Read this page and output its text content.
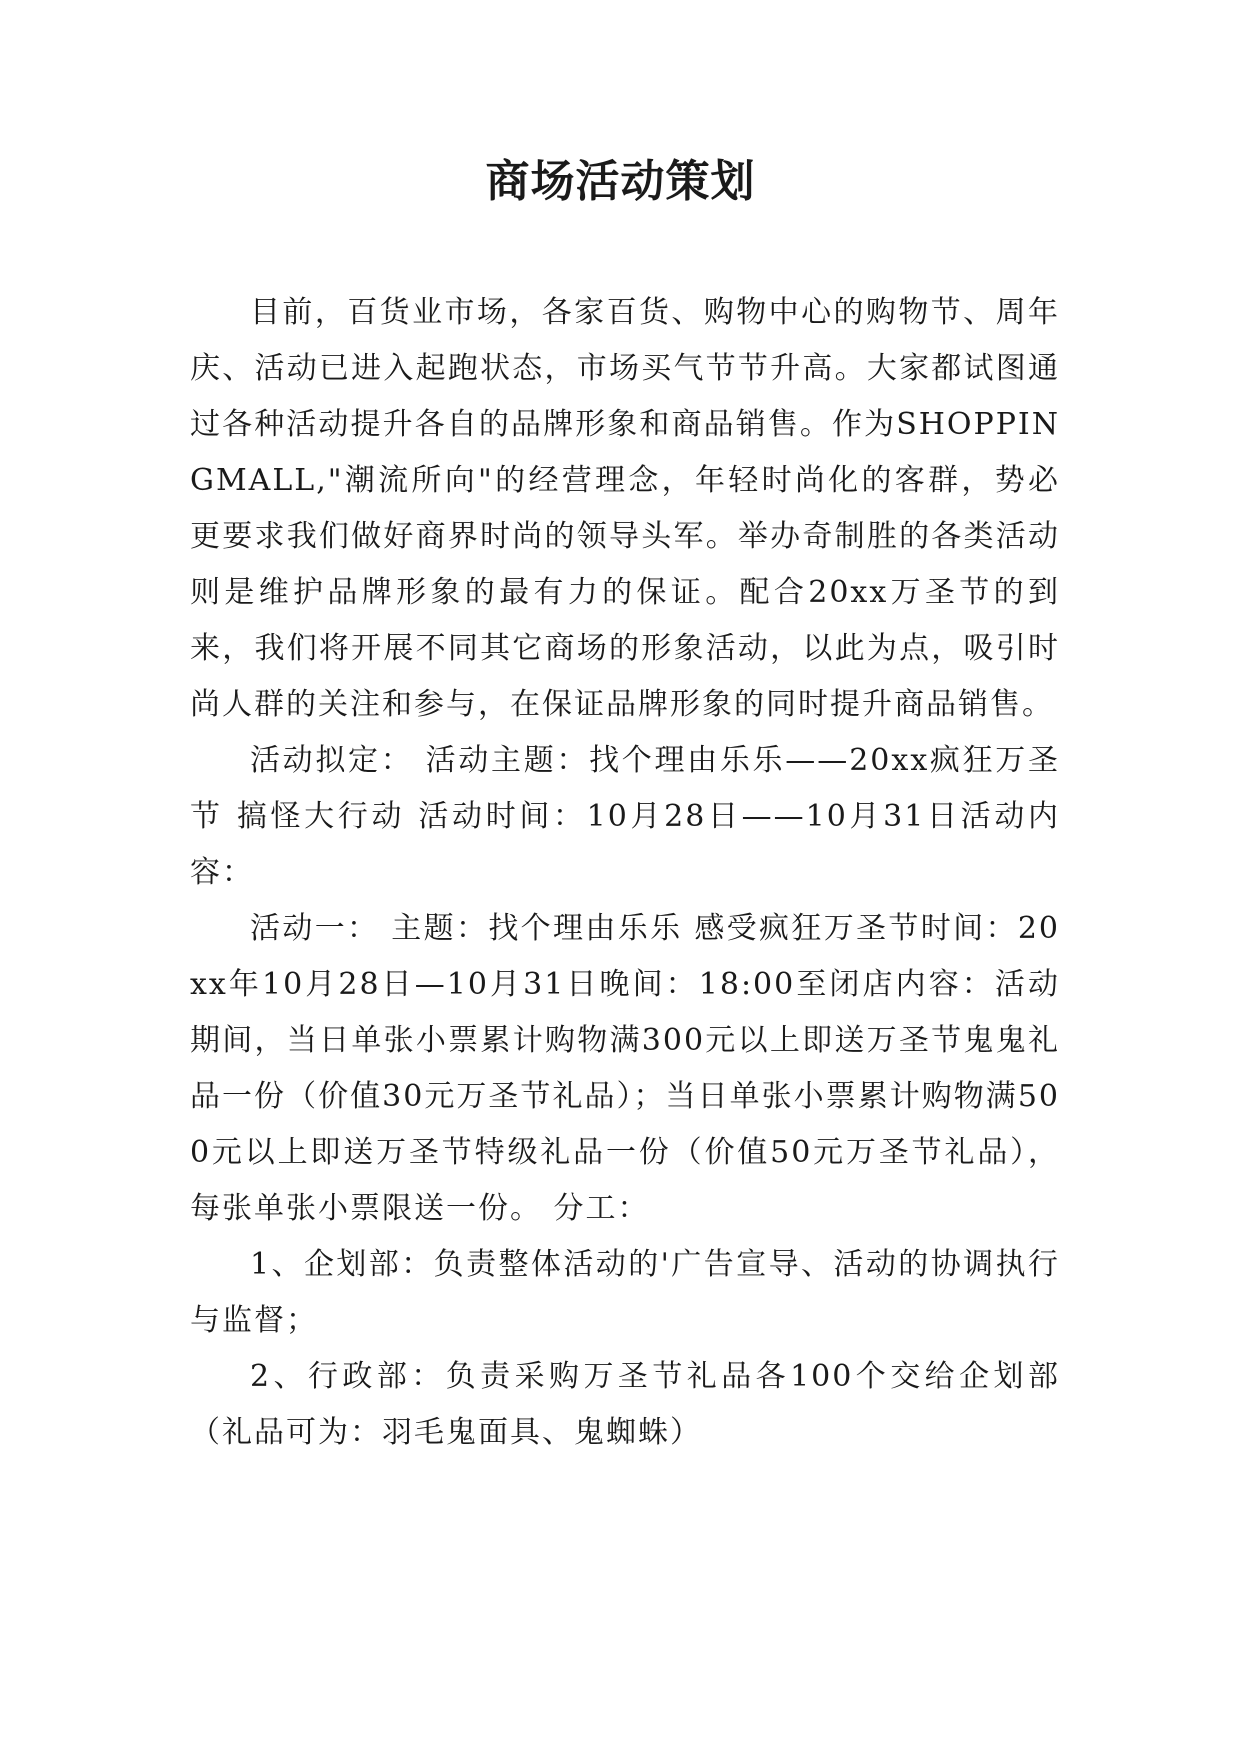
商场活动策划

目前，百货业市场，各家百货、购物中心的购物节、周年庆、活动已进入起跑状态，市场买气节节升高。大家都试图通过各种活动提升各自的品牌形象和商品销售。作为SHOPPINGMALL,"潮流所向"的经营理念，年轻时尚化的客群，势必更要求我们做好商界时尚的领导头军。举办奇制胜的各类活动则是维护品牌形象的最有力的保证。配合20xx万圣节的到来，我们将开展不同其它商场的形象活动，以此为点，吸引时尚人群的关注和参与，在保证品牌形象的同时提升商品销售。

活动拟定： 活动主题：找个理由乐乐——20xx疯狂万圣节 搞怪大行动 活动时间：10月28日——10月31日活动内容：

活动一： 主题：找个理由乐乐 感受疯狂万圣节时间：20xx年10月28日—10月31日晚间：18:00至闭店内容：活动期间，当日单张小票累计购物满300元以上即送万圣节鬼鬼礼品一份（价值30元万圣节礼品）；当日单张小票累计购物满500元以上即送万圣节特级礼品一份（价值50元万圣节礼品），每张单张小票限送一份。 分工：

1、企划部：负责整体活动的'广告宣导、活动的协调执行与监督；

2、行政部：负责采购万圣节礼品各100个交给企划部（礼品可为：羽毛鬼面具、鬼蜘蛛）
